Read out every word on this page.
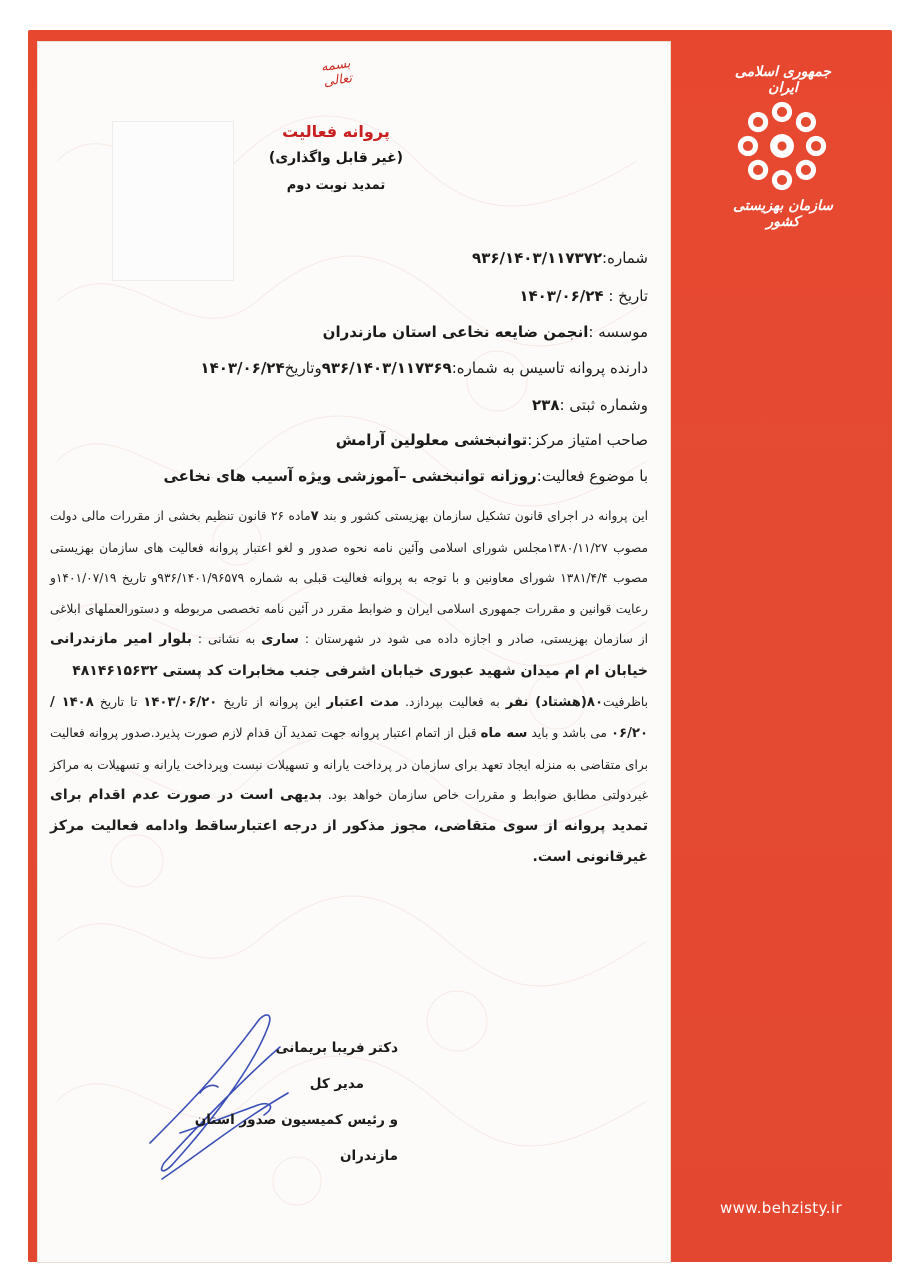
جمهوری اسلامی ایران
سازمان بهزیستی کشور
www.behzisty.ir
بسمه تعالی
پروانه فعالیت
(غیر قابل واگذاری)
تمدید نوبت دوم
شماره:۹۳۶/۱۴۰۳/۱۱۷۳۷۲
تاریخ : ۱۴۰۳/۰۶/۲۴
موسسه :انجمن ضایعه نخاعی استان مازندران
دارنده پروانه تاسیس به شماره:۹۳۶/۱۴۰۳/۱۱۷۳۶۹وتاریخ۱۴۰۳/۰۶/۲۴
وشماره ثبتی :۲۳۸
صاحب امتیاز مرکز:توانبخشی معلولین آرامش
با موضوع فعالیت:روزانه توانبخشی –آموزشی ویژه آسیب های نخاعی
این پروانه در اجرای قانون تشکیل سازمان بهزیستی کشور و بند ۷ماده ۲۶ قانون تنظیم بخشی از مقررات مالی دولت مصوب ۱۳۸۰/۱۱/۲۷مجلس شورای اسلامی وآئین نامه نحوه صدور و لغو اعتبار پروانه فعالیت های سازمان بهزیستی مصوب ۱۳۸۱/۴/۴ شورای معاونین و با توجه به پروانه فعالیت قبلی به شماره ۹۳۶/۱۴۰۱/۹۶۵۷۹و تاریخ ۱۴۰۱/۰۷/۱۹و رعایت قوانین و مقررات جمهوری اسلامی ایران و ضوابط مقرر در آئین نامه تخصصی مربوطه و دستورالعملهای ابلاغی از سازمان بهزیستی، صادر و اجازه داده می شود در شهرستان : ساری به نشانی : بلوار امیر مازندرانی خیابان ام ام میدان شهید عبوری خیابان اشرفی جنب مخابرات کد پستی ۴۸۱۴۶۱۵۶۳۲
باظرفیت۸۰(هشتاد) نفر به فعالیت بپردازد. مدت اعتبار این پروانه از تاریخ ۱۴۰۳/۰۶/۲۰ تا تاریخ ۱۴۰۸ /۰۶/۲۰ می باشد و باید سه ماه قبل از اتمام اعتبار پروانه جهت تمدید آن قدام لازم صورت پذیرد.صدور پروانه فعالیت برای متقاضی به منزله ایجاد تعهد برای سازمان در پرداخت یارانه و تسهیلات نبست وپرداخت یارانه و تسهیلات به مراکز غیردولتی مطابق ضوابط و مقررات خاص سازمان خواهد بود. بدیهی است در صورت عدم اقدام برای تمدید پروانه از سوی متقاضی، مجوز مذکور از درجه اعتبارساقط وادامه فعالیت مرکز غیرقانونی است.
دکتر فریبا بریمانی
مدیر کل
و رئیس کمیسیون صدور استان مازندران
